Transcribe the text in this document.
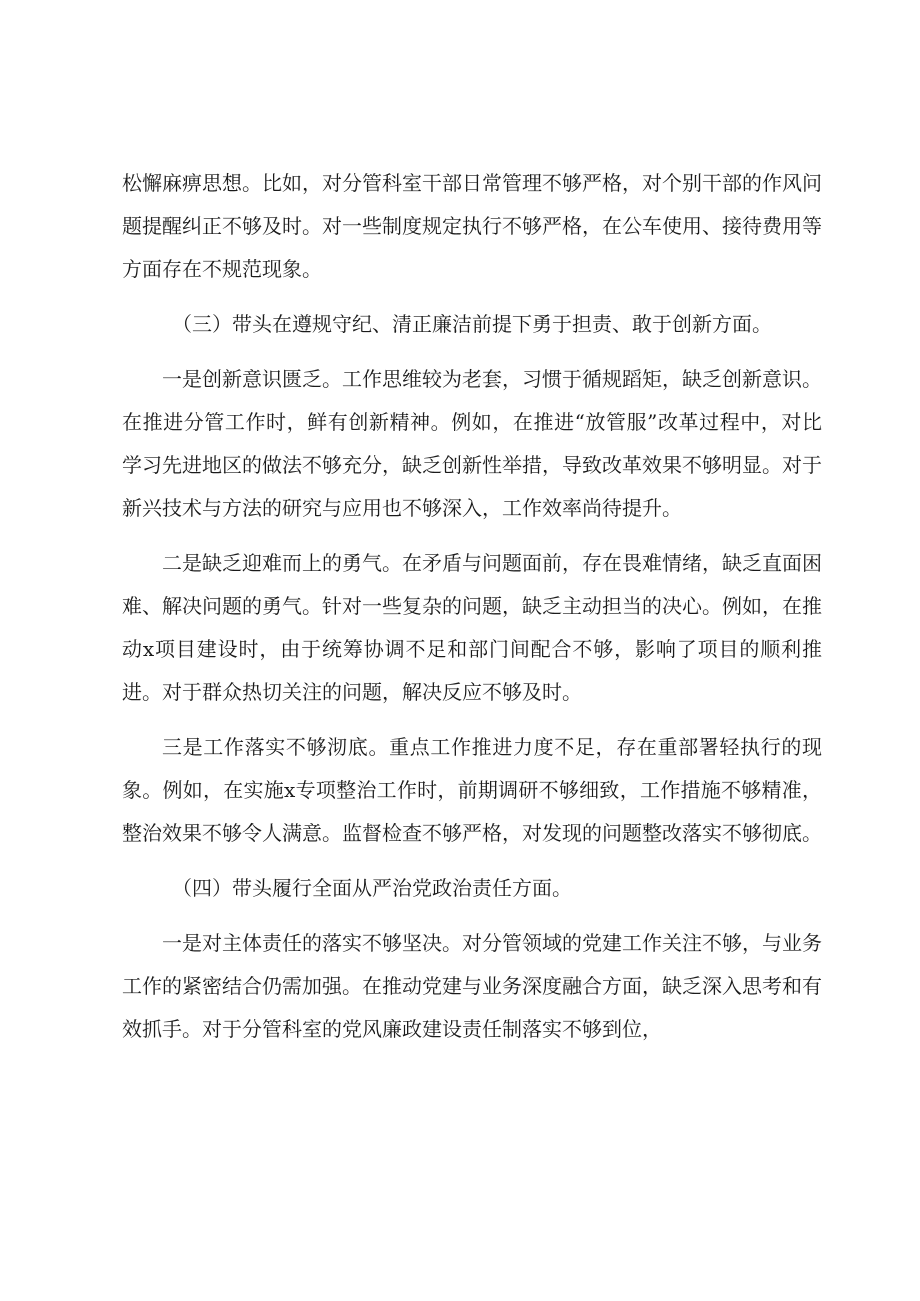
松懈麻痹思想。比如，对分管科室干部日常管理不够严格，对个别干部的作风问题提醒纠正不够及时。对一些制度规定执行不够严格，在公车使用、接待费用等方面存在不规范现象。

（三）带头在遵规守纪、清正廉洁前提下勇于担责、敢于创新方面。

一是创新意识匮乏。工作思维较为老套，习惯于循规蹈矩，缺乏创新意识。在推进分管工作时，鲜有创新精神。例如，在推进“放管服”改革过程中，对比学习先进地区的做法不够充分，缺乏创新性举措，导致改革效果不够明显。对于新兴技术与方法的研究与应用也不够深入，工作效率尚待提升。

二是缺乏迎难而上的勇气。在矛盾与问题面前，存在畏难情绪，缺乏直面困难、解决问题的勇气。针对一些复杂的问题，缺乏主动担当的决心。例如，在推动x项目建设时，由于统筹协调不足和部门间配合不够，影响了项目的顺利推进。对于群众热切关注的问题，解决反应不够及时。

三是工作落实不够沏底。重点工作推进力度不足，存在重部署轻执行的现象。例如，在实施x专项整治工作时，前期调研不够细致，工作措施不够精准，整治效果不够令人满意。监督检查不够严格，对发现的问题整改落实不够彻底。

（四）带头履行全面从严治党政治责任方面。

一是对主体责任的落实不够坚决。对分管领域的党建工作关注不够，与业务工作的紧密结合仍需加强。在推动党建与业务深度融合方面，缺乏深入思考和有效抓手。对于分管科室的党风廉政建设责任制落实不够到位，
